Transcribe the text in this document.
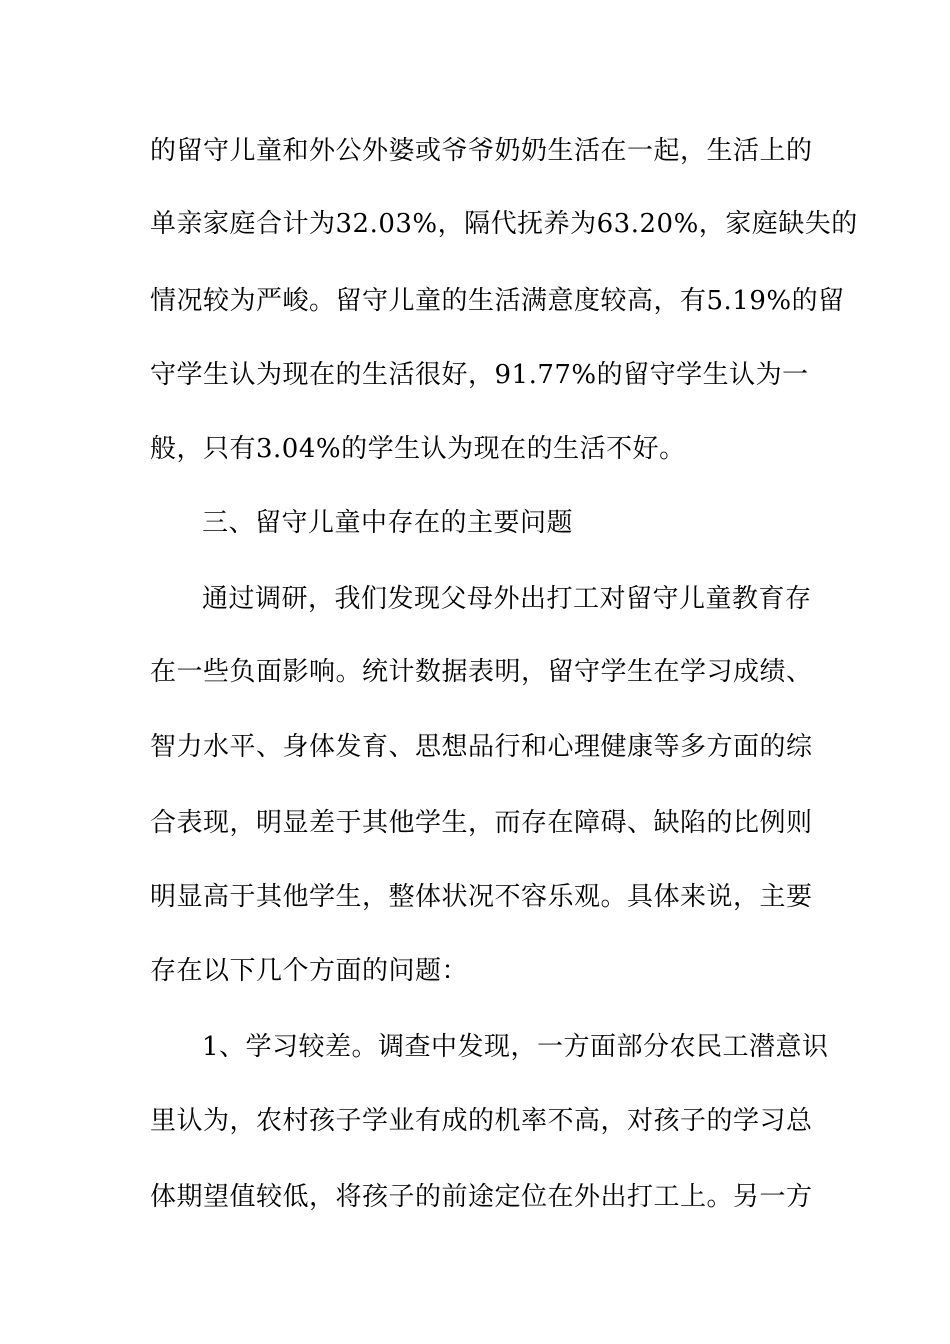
的留守儿童和外公外婆或爷爷奶奶生活在一起，生活上的
单亲家庭合计为32.03%，隔代抚养为63.20%，家庭缺失的
情况较为严峻。留守儿童的生活满意度较高，有5.19%的留
守学生认为现在的生活很好，91.77%的留守学生认为一
般，只有3.04%的学生认为现在的生活不好。
三、留守儿童中存在的主要问题
通过调研，我们发现父母外出打工对留守儿童教育存
在一些负面影响。统计数据表明，留守学生在学习成绩、
智力水平、身体发育、思想品行和心理健康等多方面的综
合表现，明显差于其他学生，而存在障碍、缺陷的比例则
明显高于其他学生，整体状况不容乐观。具体来说，主要
存在以下几个方面的问题：
1、学习较差。调查中发现，一方面部分农民工潜意识
里认为，农村孩子学业有成的机率不高，对孩子的学习总
体期望值较低，将孩子的前途定位在外出打工上。另一方
